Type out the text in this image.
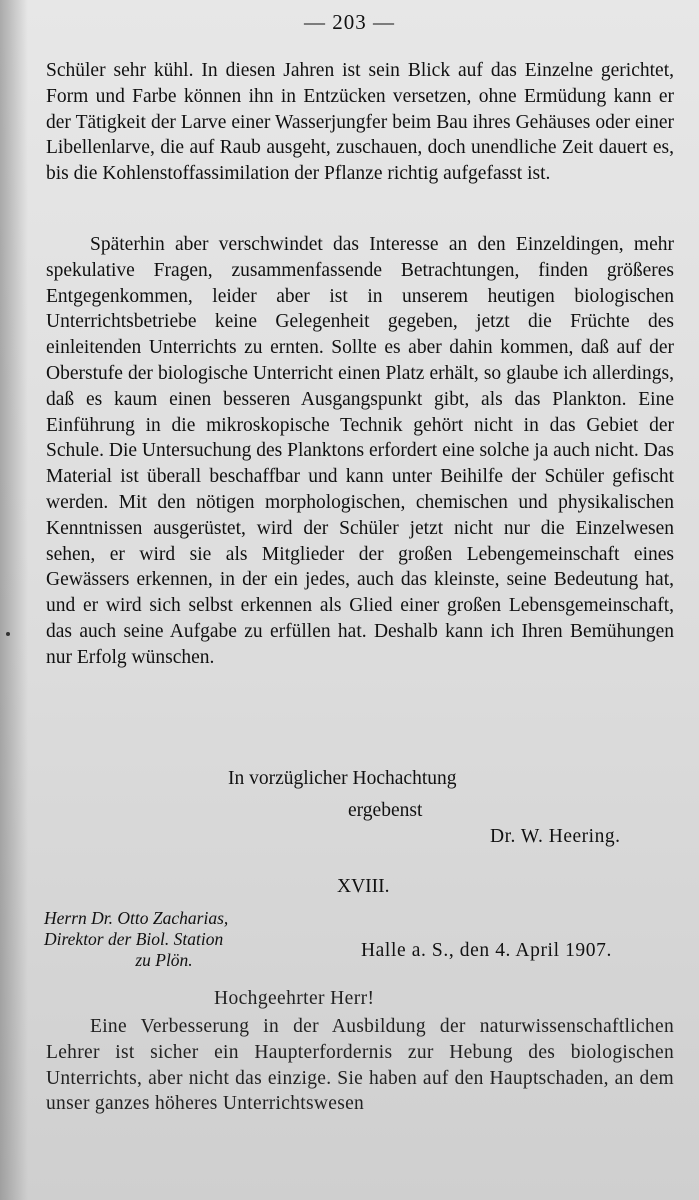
— 203 —
Schüler sehr kühl. In diesen Jahren ist sein Blick auf das Einzelne gerichtet, Form und Farbe können ihn in Entzücken versetzen, ohne Ermüdung kann er der Tätigkeit der Larve einer Wasserjungfer beim Bau ihres Gehäuses oder einer Libellenlarve, die auf Raub ausgeht, zuschauen, doch unendliche Zeit dauert es, bis die Kohlenstoffassimilation der Pflanze richtig aufgefasst ist.
Späterhin aber verschwindet das Interesse an den Einzeldingen, mehr spekulative Fragen, zusammenfassende Betrachtungen, finden größeres Entgegenkommen, leider aber ist in unserem heutigen biologischen Unterrichtsbetriebe keine Gelegenheit gegeben, jetzt die Früchte des einleitenden Unterrichts zu ernten. Sollte es aber dahin kommen, daß auf der Oberstufe der biologische Unterricht einen Platz erhält, so glaube ich allerdings, daß es kaum einen besseren Ausgangspunkt gibt, als das Plankton. Eine Einführung in die mikroskopische Technik gehört nicht in das Gebiet der Schule. Die Untersuchung des Planktons erfordert eine solche ja auch nicht. Das Material ist überall beschaffbar und kann unter Beihilfe der Schüler gefischt werden. Mit den nötigen morphologischen, chemischen und physikalischen Kenntnissen ausgerüstet, wird der Schüler jetzt nicht nur die Einzelwesen sehen, er wird sie als Mitglieder der großen Lebengemeinschaft eines Gewässers erkennen, in der ein jedes, auch das kleinste, seine Bedeutung hat, und er wird sich selbst erkennen als Glied einer großen Lebensgemeinschaft, das auch seine Aufgabe zu erfüllen hat. Deshalb kann ich Ihren Bemühungen nur Erfolg wünschen.
In vorzüglicher Hochachtung
ergebenst
Dr. W. Heering.
XVIII.
Herrn Dr. Otto Zacharias,
Direktor der Biol. Station
zu Plön.	Halle a. S., den 4. April 1907.
Hochgeehrter Herr!
Eine Verbesserung in der Ausbildung der naturwissenschaftlichen Lehrer ist sicher ein Haupterfordernis zur Hebung des biologischen Unterrichts, aber nicht das einzige. Sie haben auf den Hauptschaden, an dem unser ganzes höheres Unterrichtswesen
